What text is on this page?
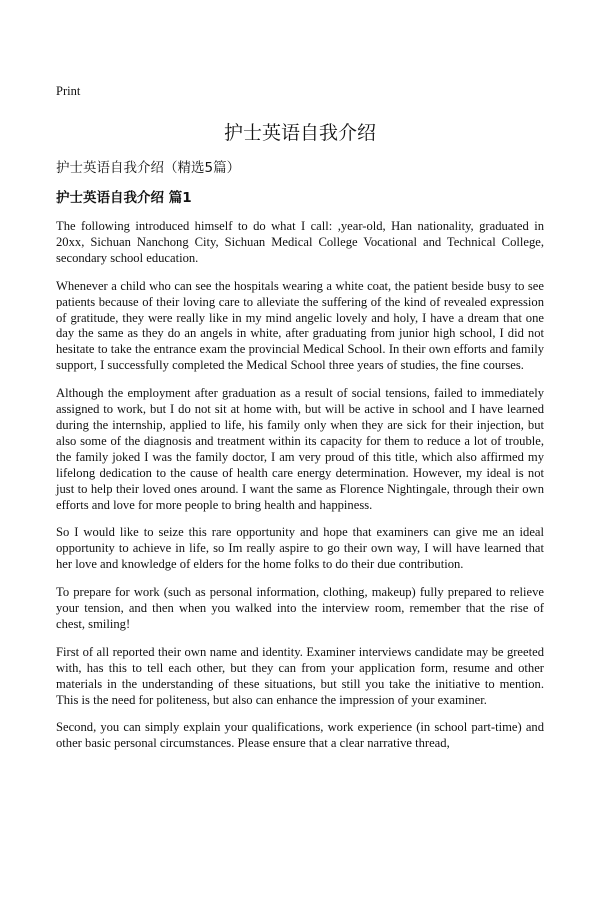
Print
护士英语自我介绍
护士英语自我介绍（精选5篇）
护士英语自我介绍 篇1

The following introduced himself to do what I call: ,year-old, Han nationality, graduated in 20xx, Sichuan Nanchong City, Sichuan Medical College Vocational and Technical College, secondary school education.

Whenever a child who can see the hospitals wearing a white coat, the patient beside busy to see patients because of their loving care to alleviate the suffering of the kind of revealed expression of gratitude, they were really like in my mind angelic lovely and holy, I have a dream that one day the same as they do an angels in white, after graduating from junior high school, I did not hesitate to take the entrance exam the provincial Medical School. In their own efforts and family support, I successfully completed the Medical School three years of studies, the fine courses.

Although the employment after graduation as a result of social tensions, failed to immediately assigned to work, but I do not sit at home with, but will be active in school and I have learned during the internship, applied to life, his family only when they are sick for their injection, but also some of the diagnosis and treatment within its capacity for them to reduce a lot of trouble, the family joked I was the family doctor, I am very proud of this title, which also affirmed my lifelong dedication to the cause of health care energy determination. However, my ideal is not just to help their loved ones around. I want the same as Florence Nightingale, through their own efforts and love for more people to bring health and happiness.

So I would like to seize this rare opportunity and hope that examiners can give me an ideal opportunity to achieve in life, so Im really aspire to go their own way, I will have learned that her love and knowledge of elders for the home folks to do their due contribution.

To prepare for work (such as personal information, clothing, makeup) fully prepared to relieve your tension, and then when you walked into the interview room, remember that the rise of chest, smiling!

First of all reported their own name and identity. Examiner interviews candidate may be greeted with, has this to tell each other, but they can from your application form, resume and other materials in the understanding of these situations, but still you take the initiative to mention. This is the need for politeness, but also can enhance the impression of your examiner.

Second, you can simply explain your qualifications, work experience (in school part-time) and other basic personal circumstances. Please ensure that a clear narrative thread,
